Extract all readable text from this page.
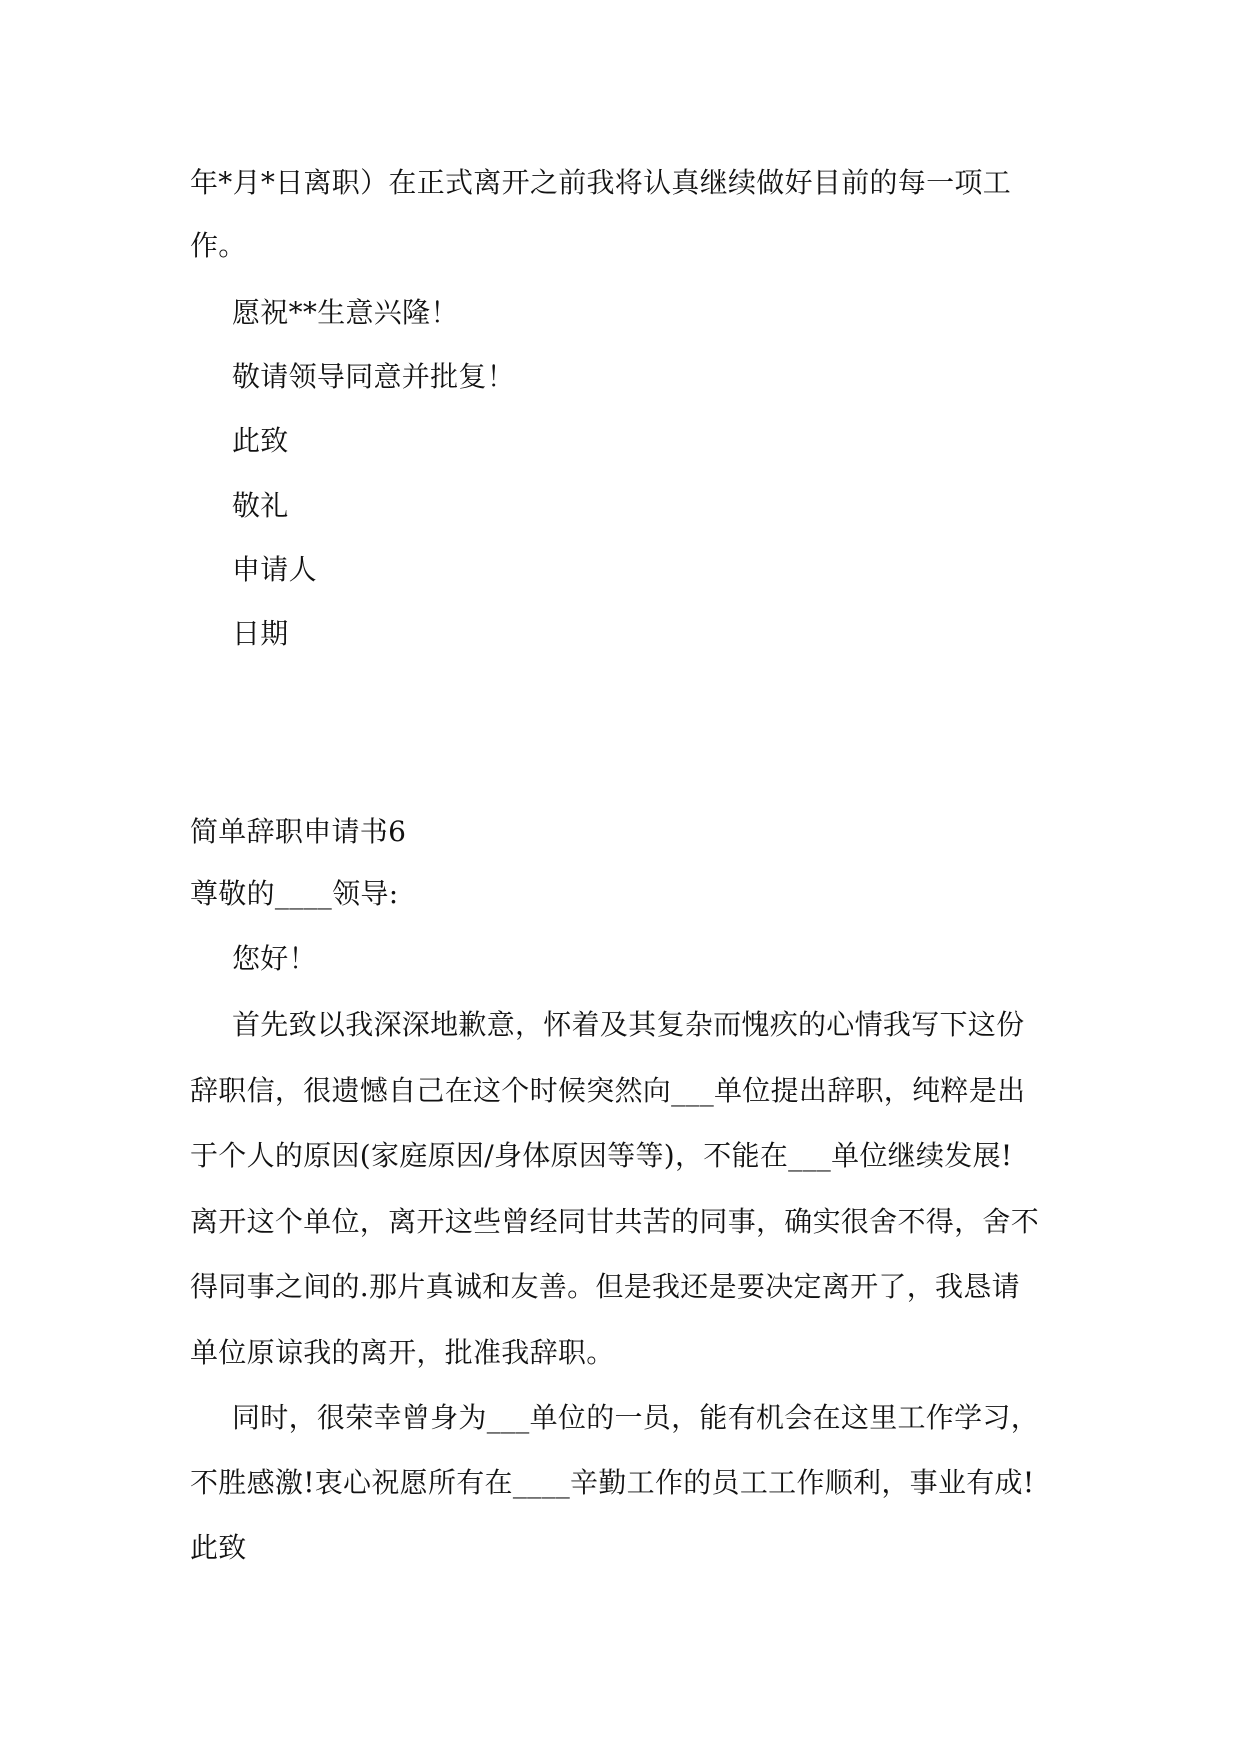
年*月*日离职）在正式离开之前我将认真继续做好目前的每一项工

作。

愿祝**生意兴隆！

敬请领导同意并批复！

此致

敬礼

申请人

日期

简单辞职申请书6

尊敬的____领导:

您好！

首先致以我深深地歉意，怀着及其复杂而愧疚的心情我写下这份

辞职信，很遗憾自己在这个时候突然向___单位提出辞职，纯粹是出

于个人的原因(家庭原因/身体原因等等)，不能在___单位继续发展!

离开这个单位，离开这些曾经同甘共苦的同事，确实很舍不得，舍不

得同事之间的.那片真诚和友善。但是我还是要决定离开了，我恳请

单位原谅我的离开，批准我辞职。

同时，很荣幸曾身为___单位的一员，能有机会在这里工作学习，

不胜感激!衷心祝愿所有在____辛勤工作的员工工作顺利，事业有成!

此致
